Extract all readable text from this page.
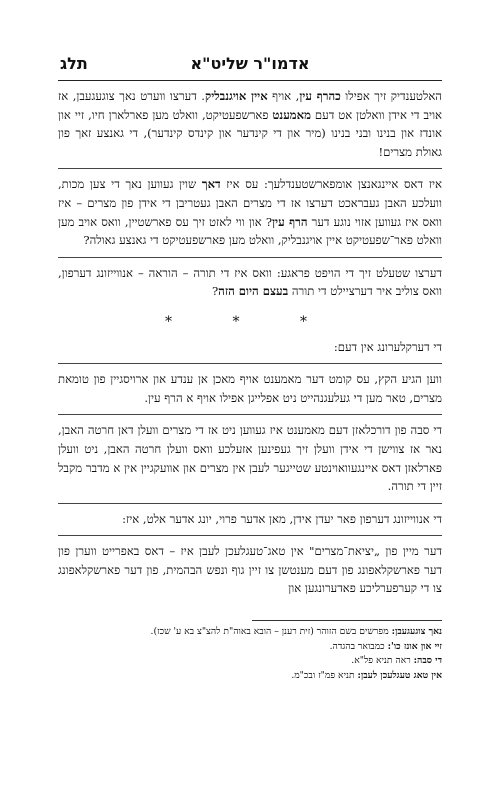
אדמו"ר שליט"א
תלג

האלטענדיק זיך אפילו כהרף עין, אויף איין אויגנבליק. דערצו ווערט נאך צוגעגעבן, אז אויב די אידן וואלטן אט דעם מאמענט פארשפעטיקט, וואלט מען פארלארן חיו, זיי און אונדז און בנינו ובני בנינו (מיר און די קינדער און קינדס קינדער), די גאנצע זאך פון גאולת מצרים!

איז דאס איינגאנצן אומפארשטענדלעך: עס איז דאך שוין געווען נאך די צען מכות, וועלכע האבן געבראכט דערצו אז די מצרים האבן געטריבן די אידן פון מצרים – איז וואס איז געווען אזוי נוגע דער הרף עין? און ווי לאזט זיך עס פארשטיין, וואס אויב מען וואלט פאר־שפעטיקט איין אויגנבליק, וואלט מען פארשפעטיקט די גאנצע גאולה?

דערצו שטעלט זיך די הויפט פראגע: וואס איז די תורה – הוראה – אנווייזונג דערפון, וואס צוליב איר דערציילט די תורה בעצם היום הזה?

* * *

די דערקלערונג אין דעם:

ווען הגיע הקץ, עס קומט דער מאמענט אויף מאכן אן ענדע און ארויסגיין פון טומאת מצרים, טאר מען די געלעגנהייט ניט אפלייגן אפילו אויף א הרף עין.

די סבה פון דורכלאזן דעם מאמענט איז געווען ניט אז די מצרים וועלן דאן חרטה האבן, נאר אז צווישן די אידן וועלן זיך געפינען אזעלכע וואס וועלן חרטה האבן, ניט וועלן פארלאזן דאס איינגעוואוינטע שטייגער לעבן אין מצרים און אוועקגיין אין א מדבר מקבל זיין די תורה.

די אנווייזונג דערפון פאר יעדן אידן, מאן אדער פרוי, יונג אדער אלט, איז:

דער מיין פון „יציאת־מצרים" אין טאג־טעגלעכן לעבן איז – דאס באפרייט ווערן פון דער פארשקלאפונג פון דעם מענטשן צו זיין גוף ונפש הבהמית, פון דער פארשקלאפונג צו די קערפערליכע פאדערונגען און

נאך צוגעגעבן: מפרשים בשם הזוהר (זית רענן – הובא באוה"ת להצ"צ בא ע' שכז).

זיי און אונז כו': כמבואר בהגדה.

די סבה: ראה תניא פל"א.

אין טאג טעגלעכן לעבן: תניא פמ"ז ובכ"מ.
